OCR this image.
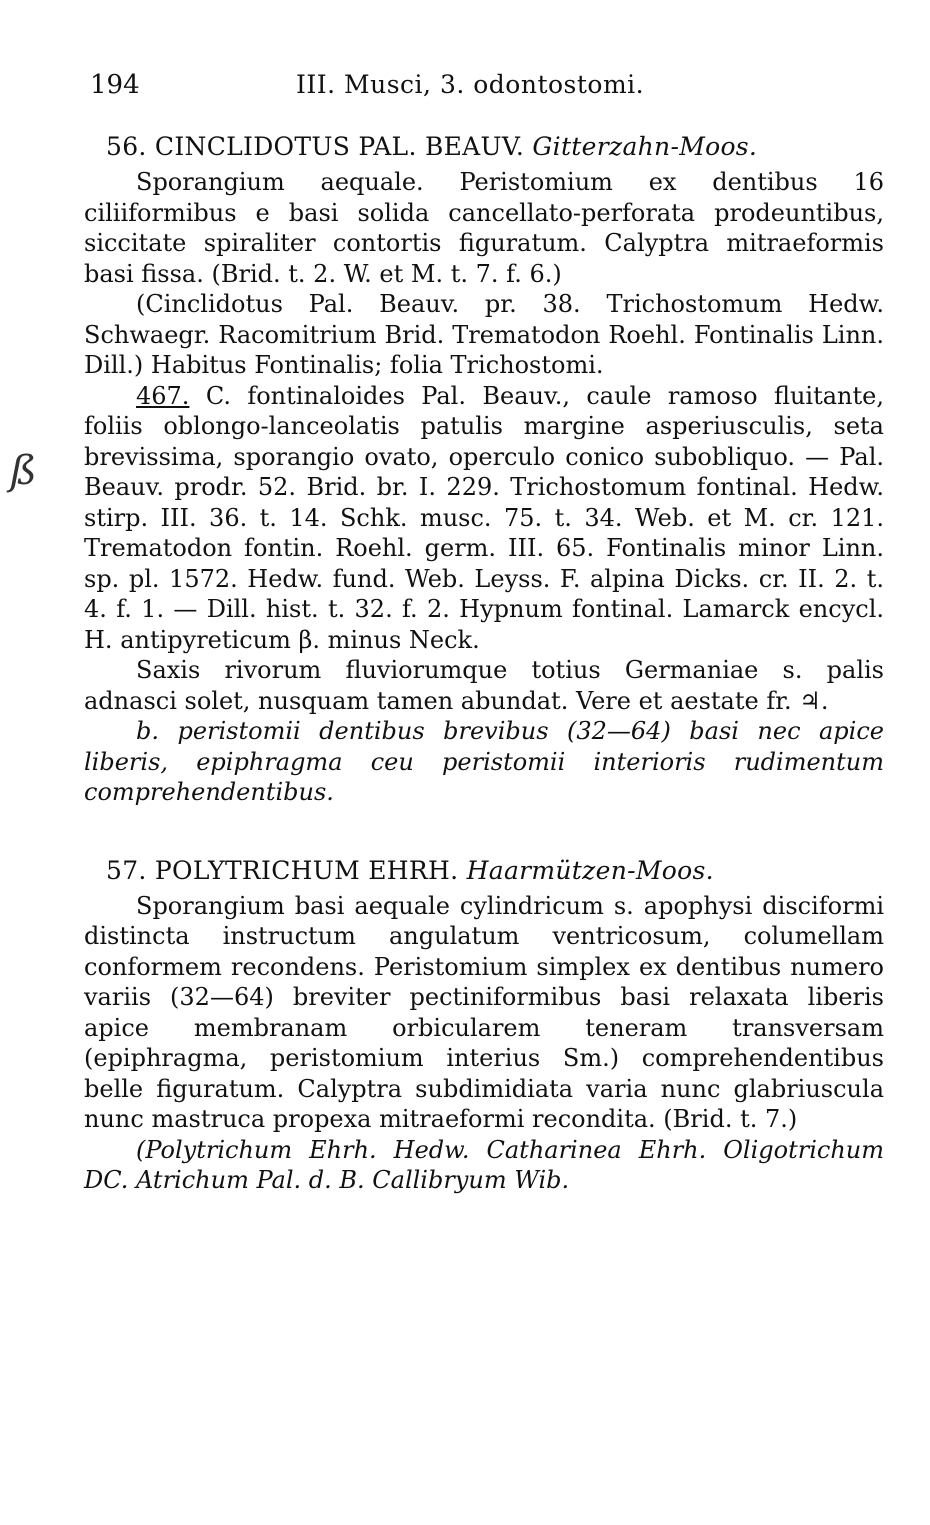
194	III. Musci, 3. odontostomi.
56. CINCLIDOTUS PAL. BEAUV. Gitterzahn-Moos.

Sporangium aequale. Peristomium ex dentibus 16 ciliiformibus e basi solida cancellato-perforata prodeuntibus, siccitate spiraliter contortis figuratum. Calyptra mitraeformis basi fissa. (Brid. t. 2. W. et M. t. 7. f. 6.)

(Cinclidotus Pal. Beauv. pr. 38. Trichostomum Hedw. Schwaegr. Racomitrium Brid. Trematodon Roehl. Fontinalis Linn. Dill.) Habitus Fontinalis; folia Trichostomi.

467. C. fontinaloides Pal. Beauv., caule ramoso fluitante, foliis oblongo-lanceolatis patulis margine asperiusculis, seta brevissima, sporangio ovato, operculo conico subobliquo. — Pal. Beauv. prodr. 52. Brid. br. I. 229. Trichostomum fontinal. Hedw. stirp. III. 36. t. 14. Schk. musc. 75. t. 34. Web. et M. cr. 121. Trematodon fontin. Roehl. germ. III. 65. Fontinalis minor Linn. sp. pl. 1572. Hedw. fund. Web. Leyss. F. alpina Dicks. cr. II. 2. t. 4. f. 1. — Dill. hist. t. 32. f. 2. Hypnum fontinal. Lamarck encycl. H. antipyreticum β. minus Neck.

Saxis rivorum fluviorumque totius Germaniae s. palis adnasci solet, nusquam tamen abundat. Vere et aestate fr. ♃.

b. peristomii dentibus brevibus (32—64) basi nec apice liberis, epiphragma ceu peristomii interioris rudimentum comprehendentibus.

57. POLYTRICHUM EHRH. Haarmützen-Moos.

Sporangium basi aequale cylindricum s. apophysi disciformi distincta instructum angulatum ventricosum, columellam conformem recondens. Peristomium simplex ex dentibus numero variis (32—64) breviter pectiniformibus basi relaxata liberis apice membranam orbicularem teneram transversam (epiphragma, peristomium interius Sm.) comprehendentibus belle figuratum. Calyptra subdimidiata varia nunc glabriuscula nunc mastruca propexa mitraeformi recondita. (Brid. t. 7.)

(Polytrichum Ehrh. Hedw. Catharinea Ehrh. Oligotrichum DC. Atrichum Pal. d. B. Callibryum Wib.

ß
